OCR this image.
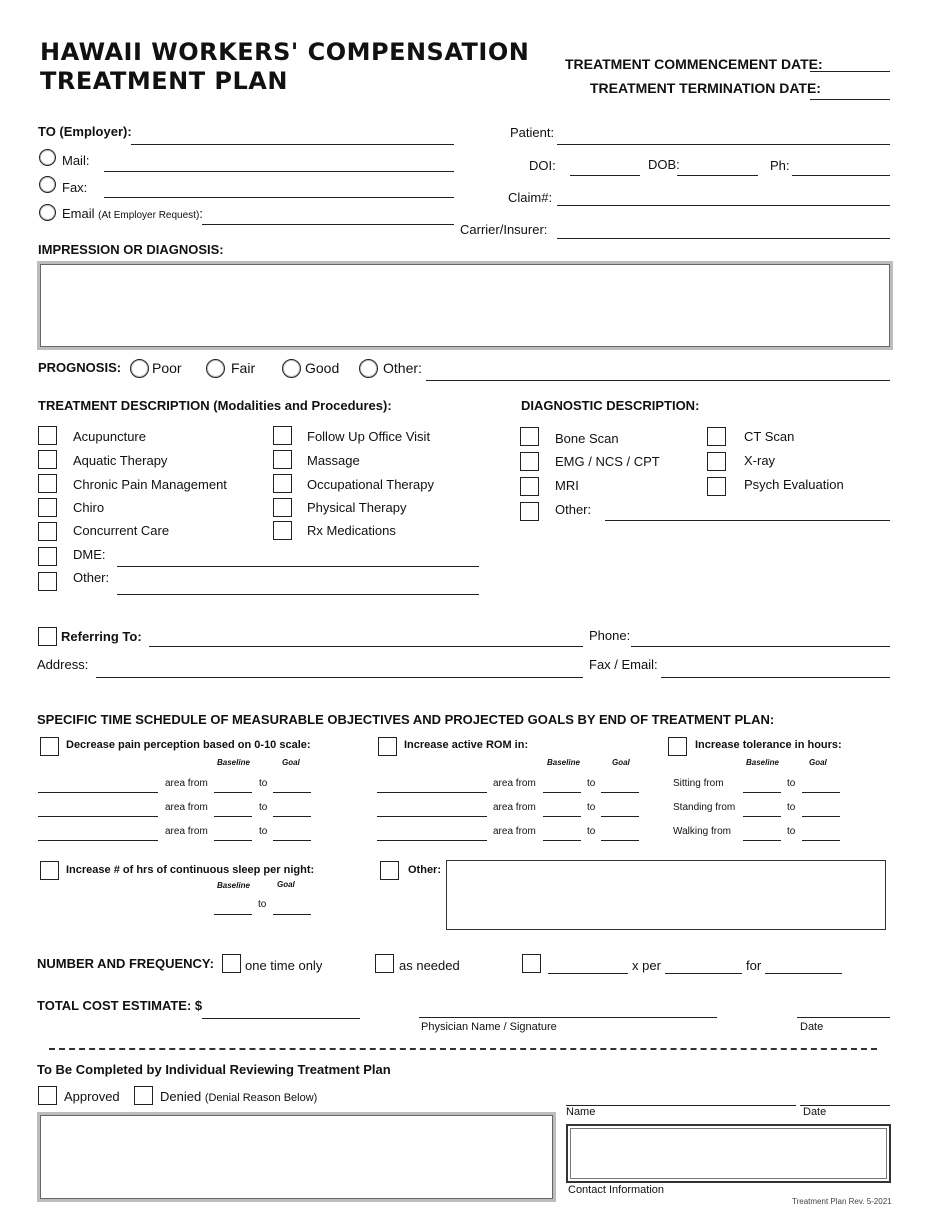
HAWAII WORKERS' COMPENSATION
TREATMENT PLAN
TREATMENT COMMENCEMENT DATE:
TREATMENT TERMINATION DATE:
TO (Employer):
Mail:
Fax:
Email (At Employer Request):
Patient:
DOI:	DOB:	Ph:
Claim#:
Carrier/Insurer:
IMPRESSION OR DIAGNOSIS:
PROGNOSIS: Poor	Fair	Good	Other:
TREATMENT DESCRIPTION (Modalities and Procedures):
Acupuncture
Aquatic Therapy
Chronic Pain Management
Chiro
Concurrent Care
DME:
Other:
Follow Up Office Visit
Massage
Occupational Therapy
Physical Therapy
Rx Medications
DIAGNOSTIC DESCRIPTION:
Bone Scan
EMG / NCS / CPT
MRI
Other:
CT Scan
X-ray
Psych Evaluation
Referring To:	Phone:
Address:	Fax / Email:
SPECIFIC TIME SCHEDULE OF MEASURABLE OBJECTIVES AND PROJECTED GOALS BY END OF TREATMENT PLAN:
Decrease pain perception based on 0-10 scale:
Baseline	Goal
area from	to
area from	to
area from	to
Increase active ROM in:
Baseline	Goal
area from	to
area from	to
area from	to
Increase tolerance in hours:
Baseline	Goal
Sitting from	to
Standing from	to
Walking from	to
Increase # of hrs of continuous sleep per night:
Baseline	Goal
to
Other:
NUMBER AND FREQUENCY: one time only	as needed	x per	for
TOTAL COST ESTIMATE: $
Physician Name / Signature	Date
To Be Completed by Individual Reviewing Treatment Plan
Approved	Denied (Denial Reason Below)
Name	Date
Contact Information
Treatment Plan Rev. 5-2021
